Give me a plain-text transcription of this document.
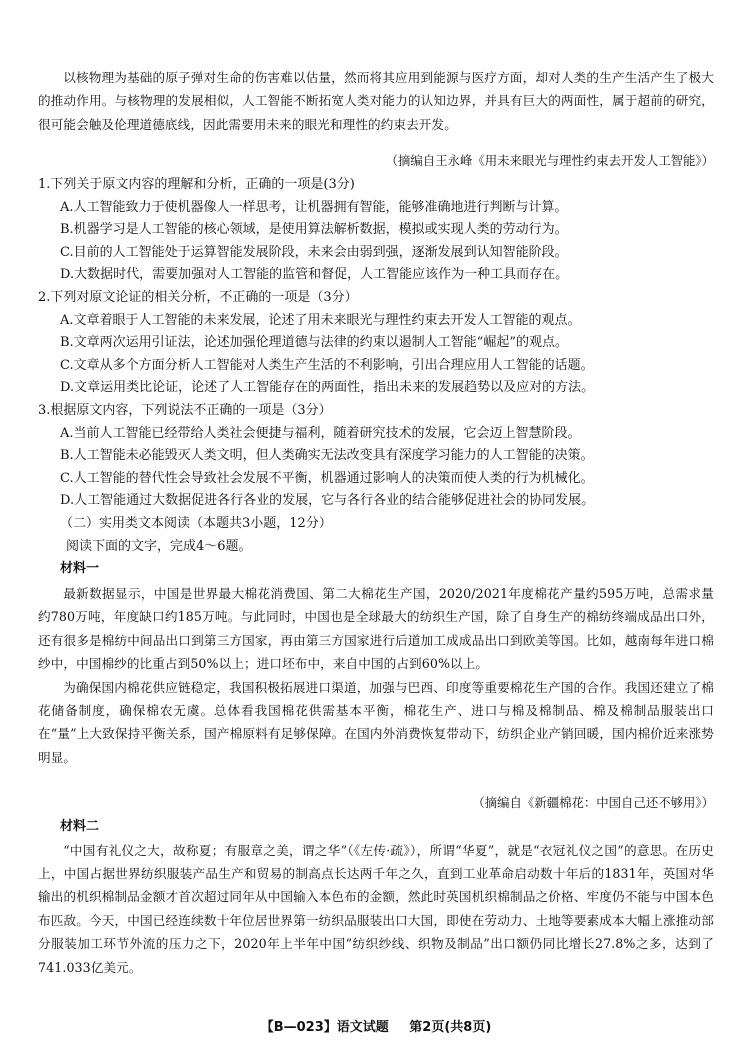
以核物理为基础的原子弹对生命的伤害难以估量，然而将其应用到能源与医疗方面，却对人类的生产生活产生了极大的推动作用。与核物理的发展相似，人工智能不断拓宽人类对能力的认知边界，并具有巨大的两面性，属于超前的研究，很可能会触及伦理道德底线，因此需要用未来的眼光和理性的约束去开发。

（摘编自王永峰《用未来眼光与理性约束去开发人工智能》）

1.下列关于原文内容的理解和分析，正确的一项是(3分)

A.人工智能致力于使机器像人一样思考，让机器拥有智能，能够准确地进行判断与计算。

B.机器学习是人工智能的核心领域，是使用算法解析数据，模拟或实现人类的劳动行为。

C.目前的人工智能处于运算智能发展阶段，未来会由弱到强，逐渐发展到认知智能阶段。

D.大数据时代，需要加强对人工智能的监管和督促，人工智能应该作为一种工具而存在。

2.下列对原文论证的相关分析，不正确的一项是（3分）

A.文章着眼于人工智能的未来发展，论述了用未来眼光与理性约束去开发人工智能的观点。

B.文章两次运用引证法，论述加强伦理道德与法律的约束以遏制人工智能“崛起”的观点。

C.文章从多个方面分析人工智能对人类生产生活的不利影响，引出合理应用人工智能的话题。

D.文章运用类比论证，论述了人工智能存在的两面性，指出未来的发展趋势以及应对的方法。

3.根据原文内容，下列说法不正确的一项是（3分）

A.当前人工智能已经带给人类社会便捷与福利，随着研究技术的发展，它会迈上智慧阶段。

B.人工智能未必能毁灭人类文明，但人类确实无法改变具有深度学习能力的人工智能的决策。

C.人工智能的替代性会导致社会发展不平衡，机器通过影响人的决策而使人类的行为机械化。

D.人工智能通过大数据促进各行各业的发展，它与各行各业的结合能够促进社会的协同发展。

（二）实用类文本阅读（本题共3小题，12分）

阅读下面的文字，完成4～6题。

材料一

最新数据显示，中国是世界最大棉花消费国、第二大棉花生产国，2020/2021年度棉花产量约595万吨，总需求量约780万吨，年度缺口约185万吨。与此同时，中国也是全球最大的纺织生产国，除了自身生产的棉纺终端成品出口外，还有很多是棉纺中间品出口到第三方国家，再由第三方国家进行后道加工成成品出口到欧美等国。比如，越南每年进口棉纱中，中国棉纱的比重占到50%以上；进口坯布中，来自中国的占到60%以上。

为确保国内棉花供应链稳定，我国积极拓展进口渠道，加强与巴西、印度等重要棉花生产国的合作。我国还建立了棉花储备制度，确保棉农无虞。总体看我国棉花供需基本平衡，棉花生产、进口与棉及棉制品、棉及棉制品服装出口在“量”上大致保持平衡关系，国产棉原料有足够保障。在国内外消费恢复带动下，纺织企业产销回暖，国内棉价近来涨势明显。

（摘编自《新疆棉花：中国自己还不够用》）

材料二

“中国有礼仪之大，故称夏；有服章之美，谓之华”（《左传·疏》），所谓“华夏”，就是“衣冠礼仪之国”的意思。在历史上，中国占据世界纺织服装产品生产和贸易的制高点长达两千年之久，直到工业革命启动数十年后的1831年，英国对华输出的机织棉制品金额才首次超过同年从中国输入本色布的金额，然此时英国机织棉制品之价格、牢度仍不能与中国本色布匹敌。今天，中国已经连续数十年位居世界第一纺织品服装出口大国，即使在劳动力、土地等要素成本大幅上涨推动部分服装加工环节外流的压力之下，2020年上半年中国“纺织纱线、织物及制品”出口额仍同比增长27.8%之多，达到了741.033亿美元。

【B—023】语文试题 第2页(共8页)
